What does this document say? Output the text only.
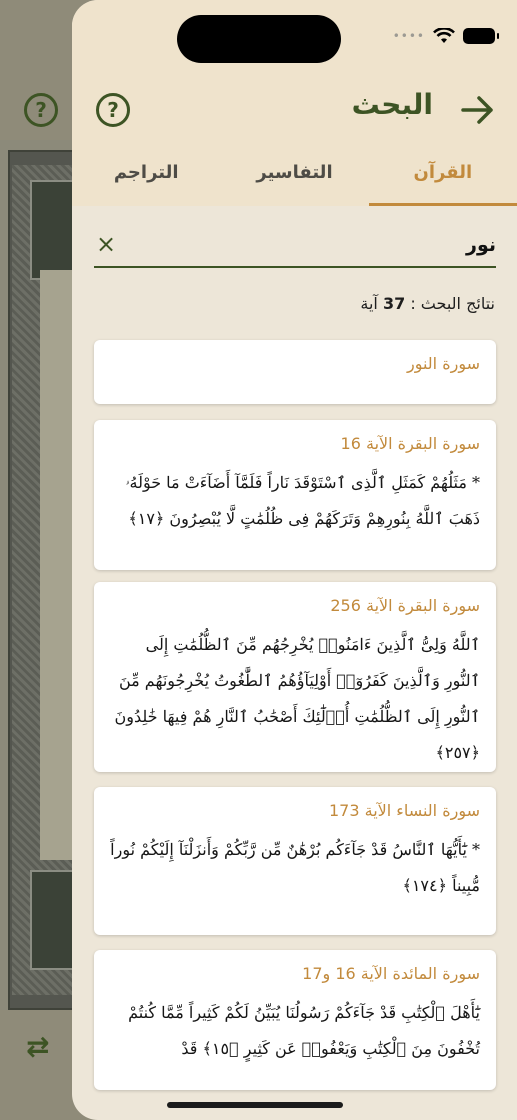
?
⇄
••••
?	البحث
القرآن
التفاسير
التراجم
×
نور
نتائج البحث : 37 آية
سورة النور
سورة البقرة الآية 16
* مَثَلُهُمْ كَمَثَلِ ٱلَّذِى ٱسْتَوْقَدَ نَاراً فَلَمَّآ أَضَآءَتْ مَا حَوْلَهُۥ ذَهَبَ ٱللَّهُ بِنُورِهِمْ وَتَرَكَهُمْ فِى ظُلُمَٰتٍ لَّا يُبْصِرُونَ ﴿١٧﴾
سورة البقرة الآية 256
ٱللَّهُ وَلِىُّ ٱلَّذِينَ ءَامَنُوا۟ يُخْرِجُهُم مِّنَ ٱلظُّلُمَٰتِ إِلَى ٱلنُّورِ وَٱلَّذِينَ كَفَرُوٓا۟ أَوْلِيَآؤُهُمُ ٱلطَّٰغُوتُ يُخْرِجُونَهُم مِّنَ ٱلنُّورِ إِلَى ٱلظُّلُمَٰتِ أُو۟لَٰٓئِكَ أَصْحَٰبُ ٱلنَّارِ هُمْ فِيهَا خَٰلِدُونَ ﴿٢٥٧﴾
سورة النساء الآية 173
* يَٰٓأَيُّهَا ٱلنَّاسُ قَدْ جَآءَكُم بُرْهَٰنٌ مِّن رَّبِّكُمْ وَأَنزَلْنَآ إِلَيْكُمْ نُوراً مُّبِيناً ﴿١٧٤﴾
سورة المائدة الآية 16 و17
يَٰٓأَهْلَ ٱلْكِتَٰبِ قَدْ جَآءَكُمْ رَسُولُنَا يُبَيِّنُ لَكُمْ كَثِيراً مِّمَّا كُنتُمْ تُخْفُونَ مِنَ ٱلْكِتَٰبِ وَيَعْفُوا۟ عَن كَثِيرٍ ﴿١٥﴾ قَدْ
